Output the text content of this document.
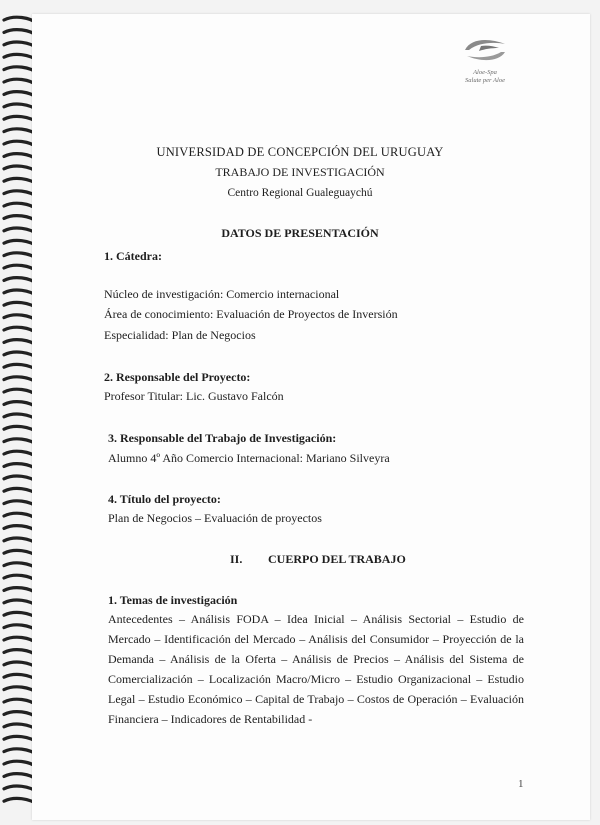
Aloe-Spa
Salute per Aloe
UNIVERSIDAD DE CONCEPCIÓN DEL URUGUAY
TRABAJO DE INVESTIGACIÓN
Centro Regional Gualeguaychú
DATOS DE PRESENTACIÓN
1. Cátedra:
Núcleo de investigación: Comercio internacional
Área de conocimiento: Evaluación de Proyectos de Inversión
Especialidad: Plan de Negocios
2. Responsable del Proyecto:
Profesor Titular: Lic. Gustavo Falcón
3. Responsable del Trabajo de Investigación:
Alumno 4º Año Comercio Internacional: Mariano Silveyra
4. Título del proyecto:
Plan de Negocios – Evaluación de proyectos
II. CUERPO DEL TRABAJO
1. Temas de investigación
Antecedentes – Análisis FODA – Idea Inicial – Análisis Sectorial – Estudio de Mercado – Identificación del Mercado – Análisis del Consumidor – Proyección de la Demanda – Análisis de la Oferta – Análisis de Precios – Análisis del Sistema de Comercialización – Localización Macro/Micro – Estudio Organizacional – Estudio Legal – Estudio Económico – Capital de Trabajo – Costos de Operación – Evaluación Financiera – Indicadores de Rentabilidad -
1
